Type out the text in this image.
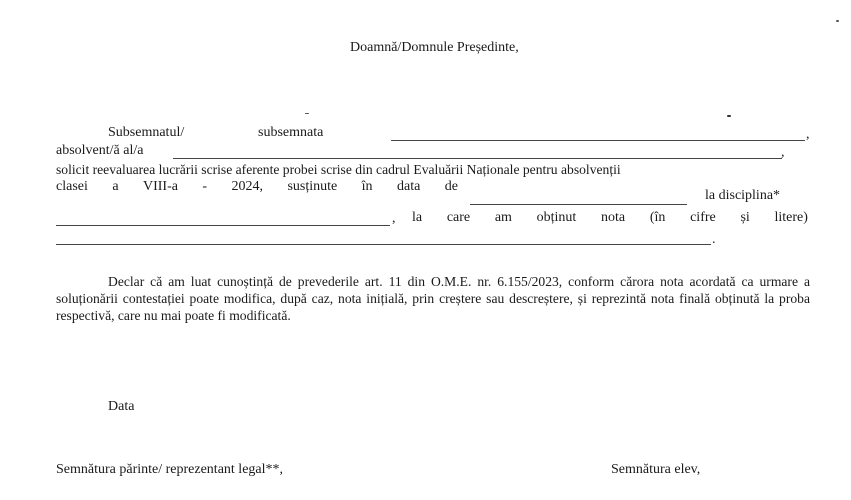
Doamnă/Domnule Președinte,
Subsemnatul/	subsemnata	,
absolvent/ă al/a	,
solicit reevaluarea lucrării scrise aferente probei scrise din cadrul Evaluării Naționale pentru absolvenții
clasei a VIII-a - 2024, susținute în data de
la disciplina*
, la care am obținut nota (în cifre și litere)
.
Declar că am luat cunoștință de prevederile art. 11 din O.M.E. nr. 6.155/2023, conform cărora nota acordată ca urmare a soluționării contestației poate modifica, după caz, nota inițială, prin creștere sau descreștere, și reprezintă nota finală obținută la proba respectivă, care nu mai poate fi modificată.
Data
Semnătura părinte/ reprezentant legal**,	Semnătura elev,
